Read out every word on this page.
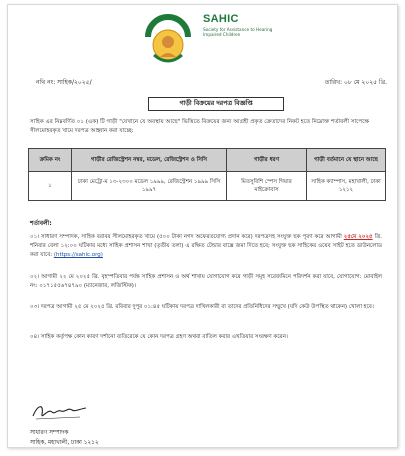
সাহিক SAHIC
Society for Assistance to Hearing Impaired Children
নথি নং: সাহিক/২০২৫/	তারিখ: ০৮ মে ২০২৫ খ্রি.
গাড়ী বিক্রয়ের দরপত্র বিজ্ঞপ্তি
সাহিক এর নিম্নবর্ণিত ০১ (এক) টি গাড়ী "যেখানে যে অবস্থায় আছে" ভিত্তিতে বিক্রয়ের জন্য আগ্রহী প্রকৃত ক্রেতাদের নিকট হতে নিম্নোক্ত শর্তাবলী সাপেক্ষে সীলমোহরকৃত খামে দরপত্র আহ্বান করা যাচ্ছে:
ক্রমিক নং	গাড়ীর রেজিস্ট্রেশন নম্বর, মডেল, রেজিস্ট্রেশন ও সিসি	গাড়ীর ধরণ	গাড়ী বর্তমানে যে স্থানে আছে
১	ঢাকা মেট্রো-ম ১৩-২৩০০ মডেল ১৯৯৯, রেজিস্ট্রেশন ১৯৯৯ সিসি ১৯৯৭	মিতসুবিশি স্পেস গিয়ার মাইক্রোবাস	সাহিক ক্যাম্পাস, মহাখালী, ঢাকা ১২১২
শর্তাবলী:
০১। সাধারণ সম্পাদক, সাহিক বরাবর সীলমোহরকৃত খামে (৫০০ টাকা নগদ অফেরতযোগ্য প্রদান করে) দরপত্রসহ সংযুক্ত ছক পূরণ করে আগামী ২৫মে ২০২৫ খ্রি. শনিবার বেলা ১২:০০ ঘটিকার মধ্যে সাহিক প্রশাসন শাখা (তৃতীয় তলা) এ রক্ষিত টেন্ডার বাক্সে জমা দিতে হবে; সংযুক্ত ছক সাহিকের ওয়েব সাইট হতে ডাউনলোড করা যাবে: (https://sahic.org)
০২। আগামী ২২ মে ২০২৫ খ্রি. বৃহস্পতিবার পর্যন্ত সাহিক প্রশাসন ও অর্থ শাখায় যোগাযোগ করে গাড়ী সমূহ সরেজমিনে পরিদর্শন করা যাবে, যোগাযোগ: মোবাইল নং: ০১৭১৫৫৬৭৪৭৯০ (ম্যানেজার, লজিস্টিক)।
০৩। দরপত্র আগামী ২৫ মে ২০২৫ খ্রি. রবিবার দুপুর ০১:৪৫ ঘটিকায় দরপত্র দাখিলকারী বা তাদের প্রতিনিধিদের সম্মুখে (যদি কেউ উপস্থিত থাকেন) খোলা হবে।
০৪। সাহিক কর্তৃপক্ষ কোন কারণ দর্শানো ব্যতিরেকে যে কোন দরপত্র গ্রহণ অথবা বাতিল করার এখতিয়ার সংরক্ষণ করেন।
সাধারণ সম্পাদক
সাহিক, মহাখালী, ঢাকা ১২১২
